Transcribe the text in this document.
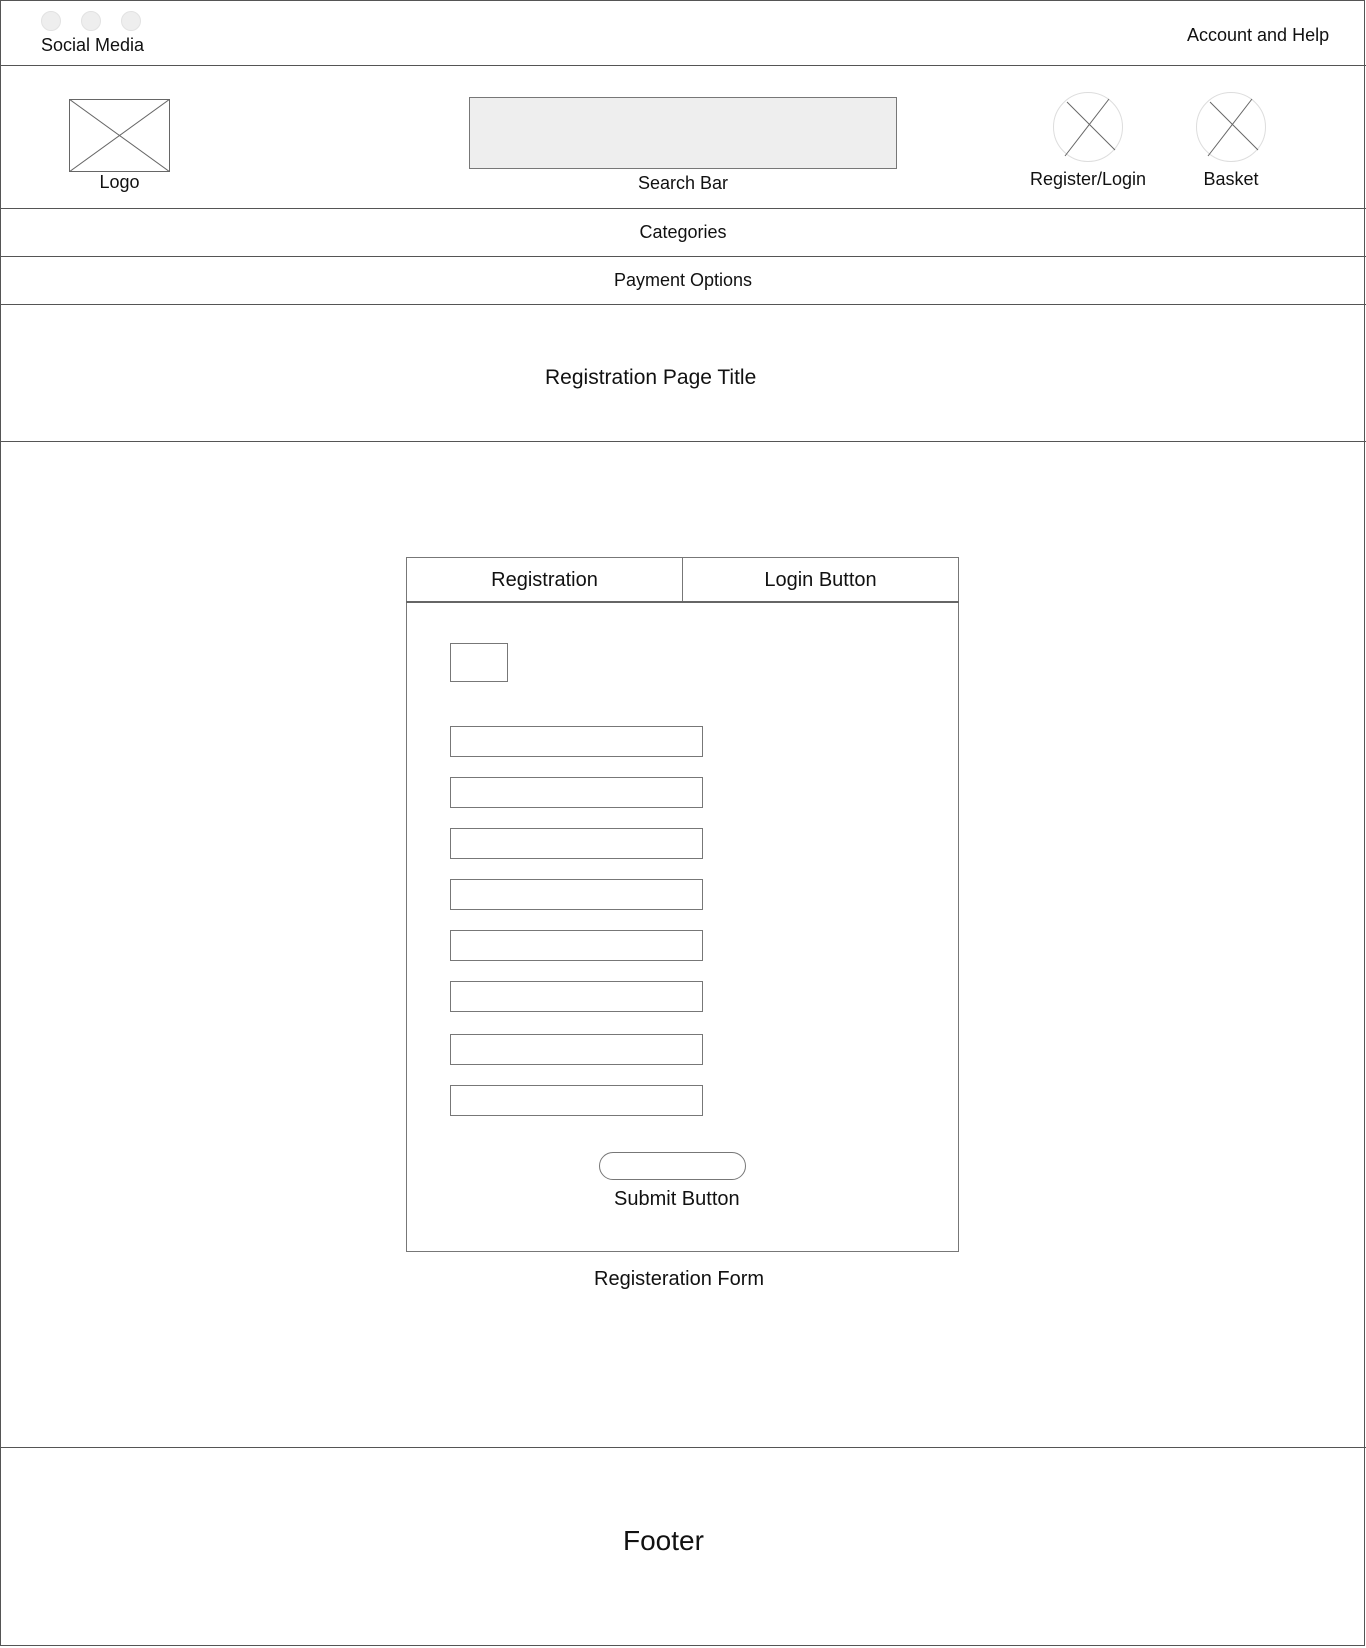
Social Media	Account and Help
Logo	Search Bar	Register/Login	Basket
Categories
Payment Options
Registration Page Title
Registration	Login Button
Submit Button
Registeration Form
Footer
